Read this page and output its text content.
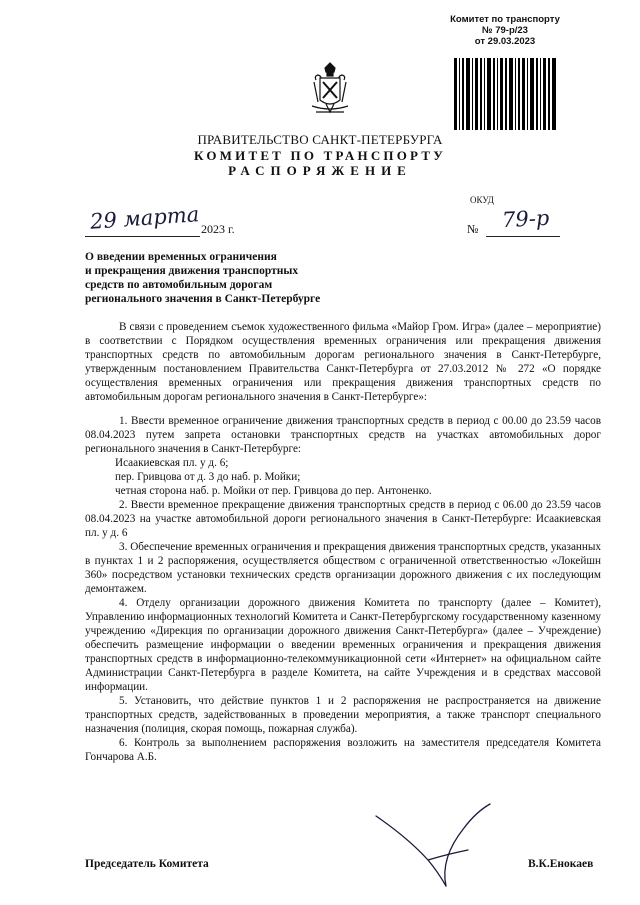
Комитет по транспорту
№ 79-р/23
от 29.03.2023
ПРАВИТЕЛЬСТВО САНКТ-ПЕТЕРБУРГА
КОМИТЕТ ПО ТРАНСПОРТУ
РАСПОРЯЖЕНИЕ
ОКУД
29 марта 2023 г.	№ 79-р
О введении временных ограничения
и прекращения движения транспортных
средств по автомобильным дорогам
регионального значения в Санкт-Петербурге

В связи с проведением съемок художественного фильма «Майор Гром. Игра» (далее – мероприятие) в соответствии с Порядком осуществления временных ограничения или прекращения движения транспортных средств по автомобильным дорогам регионального значения в Санкт-Петербурге, утвержденным постановлением Правительства Санкт-Петербурга от 27.03.2012 № 272 «О порядке осуществления временных ограничения или прекращения движения транспортных средств по автомобильным дорогам регионального значения в Санкт-Петербурге»:

1. Ввести временное ограничение движения транспортных средств в период с 00.00 до 23.59 часов 08.04.2023 путем запрета остановки транспортных средств на участках автомобильных дорог регионального значения в Санкт-Петербурге:

Исаакиевская пл. у д. 6;

пер. Гривцова от д. 3 до наб. р. Мойки;

четная сторона наб. р. Мойки от пер. Гривцова до пер. Антоненко.

2. Ввести временное прекращение движения транспортных средств в период с 06.00 до 23.59 часов 08.04.2023 на участке автомобильной дороги регионального значения в Санкт-Петербурге: Исаакиевская пл. у д. 6

3. Обеспечение временных ограничения и прекращения движения транспортных средств, указанных в пунктах 1 и 2 распоряжения, осуществляется обществом с ограниченной ответственностью «Локейшн 360» посредством установки технических средств организации дорожного движения с их последующим демонтажем.

4. Отделу организации дорожного движения Комитета по транспорту (далее – Комитет), Управлению информационных технологий Комитета и Санкт-Петербургскому государственному казенному учреждению «Дирекция по организации дорожного движения Санкт-Петербурга» (далее – Учреждение) обеспечить размещение информации о введении временных ограничения и прекращения движения транспортных средств в информационно-телекоммуникационной сети «Интернет» на официальном сайте Администрации Санкт-Петербурга в разделе Комитета, на сайте Учреждения и в средствах массовой информации.

5. Установить, что действие пунктов 1 и 2 распоряжения не распространяется на движение транспортных средств, задействованных в проведении мероприятия, а также транспорт специального назначения (полиция, скорая помощь, пожарная служба).

6. Контроль за выполнением распоряжения возложить на заместителя председателя Комитета Гончарова А.Б.

Председатель Комитета	В.К.Енокаев
